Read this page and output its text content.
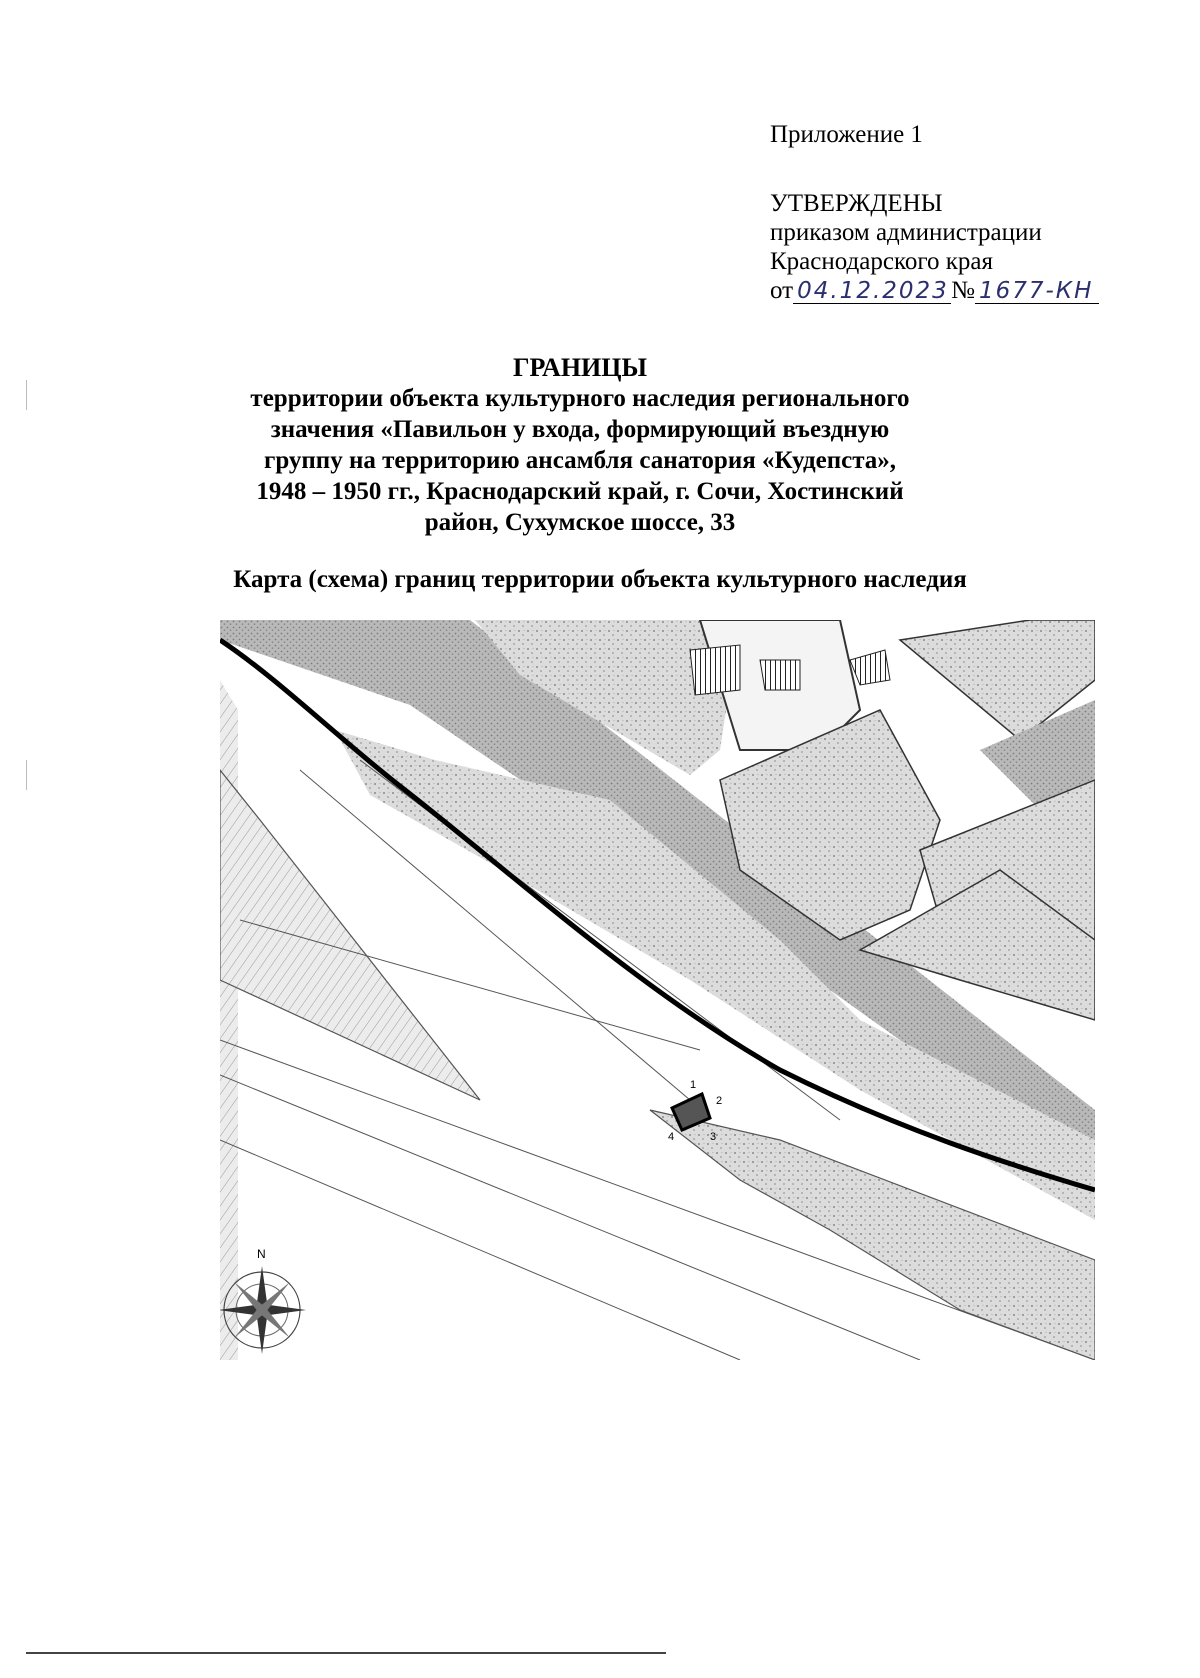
Приложение 1
УТВЕРЖДЕНЫ
приказом администрации
Краснодарского края
от 04.12.2023№ 1677-КН
ГРАНИЦЫ
территории объекта культурного наследия регионального
значения «Павильон у входа, формирующий въездную
группу на территорию ансамбля санатория «Кудепста»,
1948 – 1950 гг., Краснодарский край, г. Сочи, Хостинский
район, Сухумское шоссе, 33
Карта (схема) границ территории объекта культурного наследия
1
2
3
4
N
